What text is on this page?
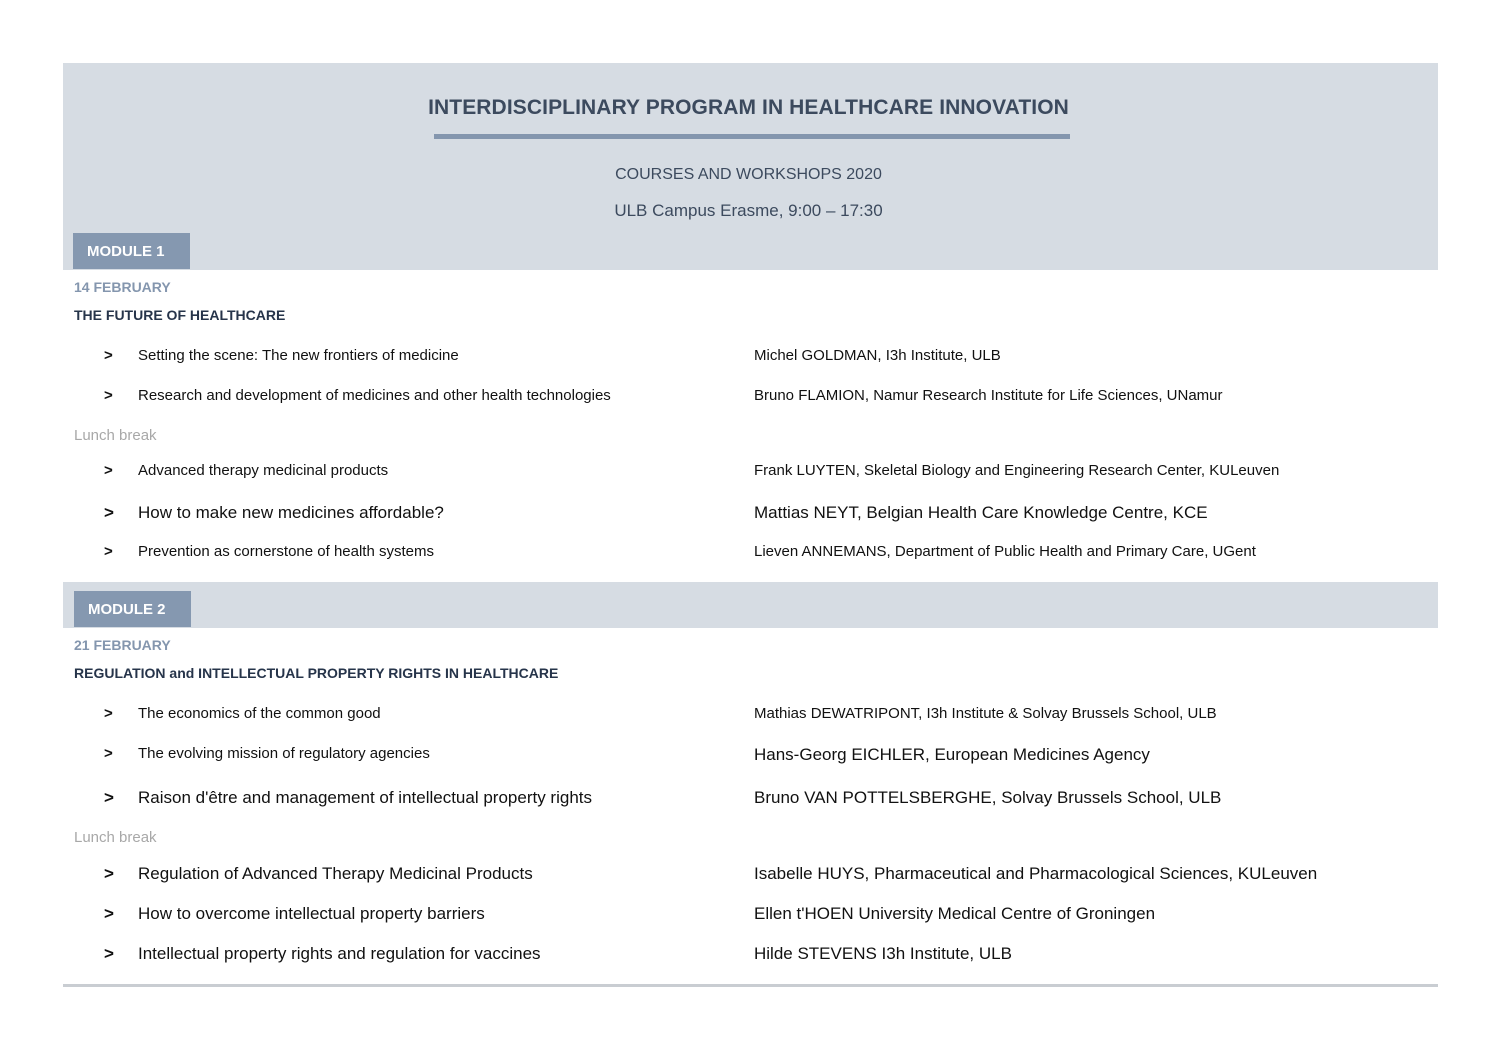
INTERDISCIPLINARY PROGRAM IN HEALTHCARE INNOVATION
COURSES AND WORKSHOPS 2020
ULB Campus Erasme, 9:00 – 17:30
MODULE 1
14 FEBRUARY
THE FUTURE OF HEALTHCARE
> Setting the scene: The new frontiers of medicine	Michel GOLDMAN, I3h Institute, ULB
> Research and development of medicines and other health technologies	Bruno FLAMION, Namur Research Institute for Life Sciences, UNamur
Lunch break
> Advanced therapy medicinal products	Frank LUYTEN, Skeletal Biology and Engineering Research Center, KULeuven
> How to make new medicines affordable?	Mattias NEYT, Belgian Health Care Knowledge Centre, KCE
> Prevention as cornerstone of health systems	Lieven ANNEMANS, Department of Public Health and Primary Care, UGent
MODULE 2
21 FEBRUARY
REGULATION and INTELLECTUAL PROPERTY RIGHTS IN HEALTHCARE
> The economics of the common good	Mathias DEWATRIPONT, I3h Institute & Solvay Brussels School, ULB
> The evolving mission of regulatory agencies	Hans-Georg EICHLER, European Medicines Agency
> Raison d'être and management of intellectual property rights	Bruno VAN POTTELSBERGHE, Solvay Brussels School, ULB
Lunch break
> Regulation of Advanced Therapy Medicinal Products	Isabelle HUYS, Pharmaceutical and Pharmacological Sciences, KULeuven
> How to overcome intellectual property barriers	Ellen t'HOEN University Medical Centre of Groningen
> Intellectual property rights and regulation for vaccines	Hilde STEVENS I3h Institute, ULB
